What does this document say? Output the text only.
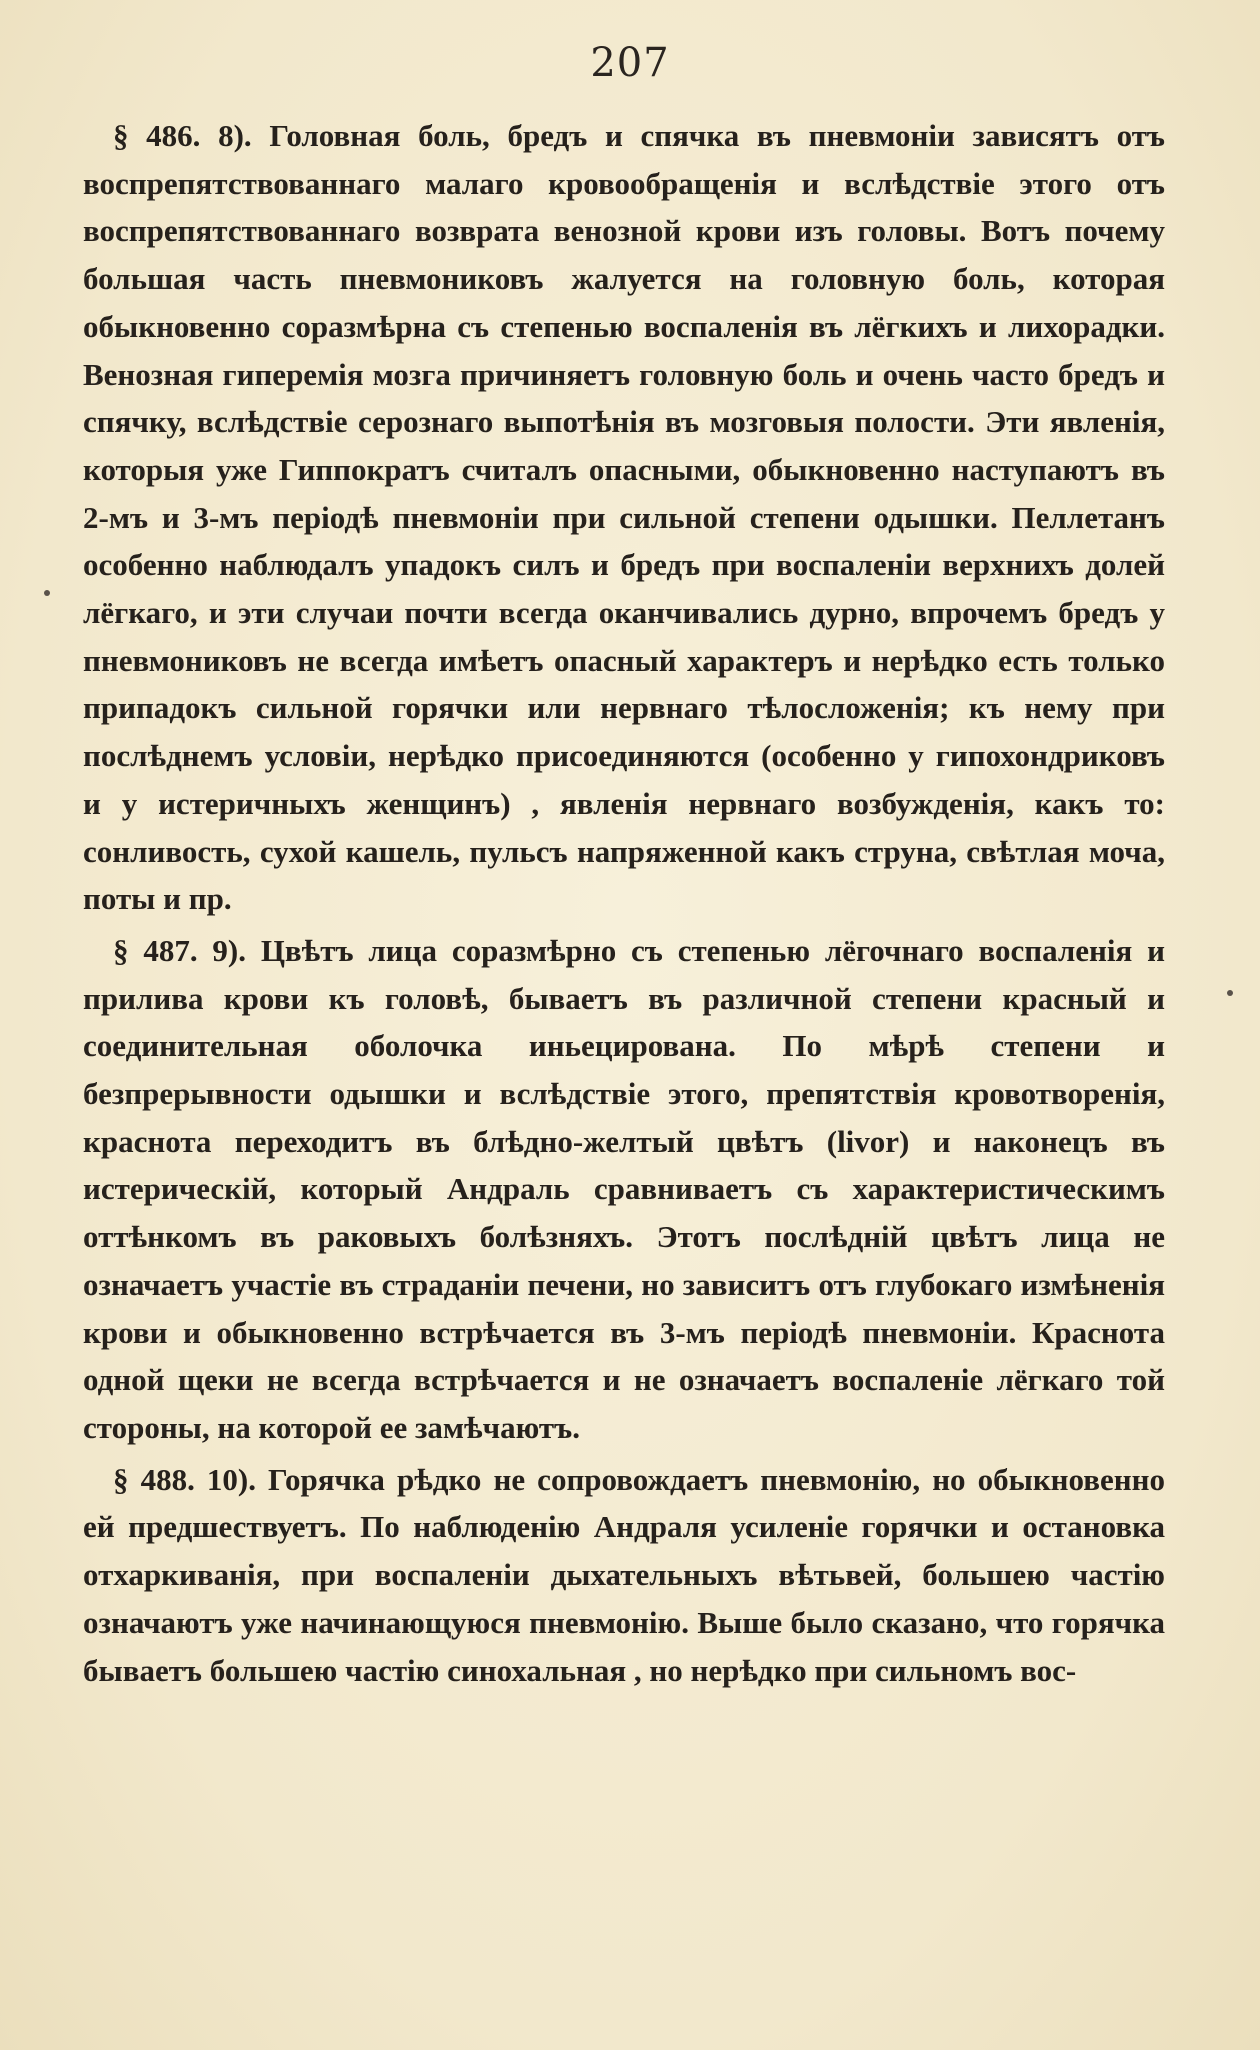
207

§ 486. 8). Головная боль, бредъ и спячка въ пневмоніи зависятъ отъ воспрепятствованнаго малаго кровообращенія и вслѣдствіе этого отъ воспрепятствованнаго возврата венозной крови изъ головы. Вотъ почему большая часть пневмониковъ жалуется на головную боль, которая обыкновенно соразмѣрна съ степенью воспаленія въ лёгкихъ и лихорадки. Венозная гиперемія мозга причиняетъ головную боль и очень часто бредъ и спячку, вслѣдствіе серознаго выпотѣнія въ мозговыя полости. Эти явленія, которыя уже Гиппократъ считалъ опасными, обыкновенно наступаютъ въ 2-мъ и 3-мъ періодѣ пневмоніи при сильной степени одышки. Пеллетанъ особенно наблюдалъ упадокъ силъ и бредъ при воспаленіи верхнихъ долей лёгкаго, и эти случаи почти всегда оканчивались дурно, впрочемъ бредъ у пневмониковъ не всегда имѣетъ опасный характеръ и нерѣдко есть только припадокъ сильной горячки или нервнаго тѣлосложенія; къ нему при послѣднемъ условіи, нерѣдко присоединяются (особенно у гипохондриковъ и у истеричныхъ женщинъ) , явленія нервнаго возбужденія, какъ то: сонливость, сухой кашель, пульсъ напряженной какъ струна, свѣтлая моча, поты и пр.

§ 487. 9). Цвѣтъ лица соразмѣрно съ степенью лёгочнаго воспаленія и прилива крови къ головѣ, бываетъ въ различной степени красный и соединительная оболочка иньецирована. По мѣрѣ степени и безпрерывности одышки и вслѣдствіе этого, препятствія кровотворенія, краснота переходитъ въ блѣдно-желтый цвѣтъ (livor) и наконецъ въ истерическій, который Андраль сравниваетъ съ характеристическимъ оттѣнкомъ въ раковыхъ болѣзняхъ. Этотъ послѣдній цвѣтъ лица не означаетъ участіе въ страданіи печени, но зависитъ отъ глубокаго измѣненія крови и обыкновенно встрѣчается въ 3-мъ періодѣ пневмоніи. Краснота одной щеки не всегда встрѣчается и не означаетъ воспаленіе лёгкаго той стороны, на которой ее замѣчаютъ.

§ 488. 10). Горячка рѣдко не сопровождаетъ пневмонію, но обыкновенно ей предшествуетъ. По наблюденію Андраля усиленіе горячки и остановка отхаркиванія, при воспаленіи дыхательныхъ вѣтьвей, большею частію означаютъ уже начинающуюся пневмонію. Выше было сказано, что горячка бываетъ большею частію синохальная , но нерѣдко при сильномъ вос-
